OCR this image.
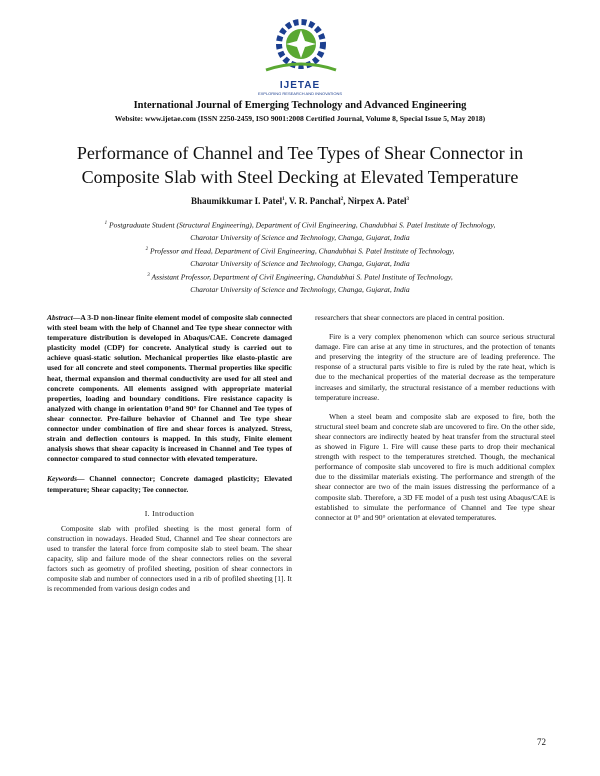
IJETAE
EXPLORING RESEARCH AND INNOVATIONS
International Journal of Emerging Technology and Advanced Engineering
Website: www.ijetae.com (ISSN 2250-2459, ISO 9001:2008 Certified Journal, Volume 8, Special Issue 5, May 2018)
Performance of Channel and Tee Types of Shear Connector in
Composite Slab with Steel Decking at Elevated Temperature
Bhaumikkumar I. Patel$^1$, V. R. Panchal$^2$, Nirpex A. Patel$^3$
$^1$ Postgraduate Student (Structural Engineering), Department of Civil Engineering, Chandubhai S. Patel Institute of Technology,
Charotar University of Science and Technology, Changa, Gujarat, India
$^2$ Professor and Head, Department of Civil Engineering, Chandubhai S. Patel Institute of Technology,
Charotar University of Science and Technology, Changa, Gujarat, India
$^3$ Assistant Professor, Department of Civil Engineering, Chandubhai S. Patel Institute of Technology,
Charotar University of Science and Technology, Changa, Gujarat, India

Abstract—A 3-D non-linear finite element model of composite slab connected with steel beam with the help of Channel and Tee type shear connector with temperature distribution is developed in Abaqus/CAE. Concrete damaged plasticity model (CDP) for concrete. Analytical study is carried out to achieve quasi-static solution. Mechanical properties like elasto-plastic are used for all concrete and steel components. Thermal properties like specific heat, thermal expansion and thermal conductivity are used for all steel and concrete components. All elements assigned with appropriate material properties, loading and boundary conditions. Fire resistance capacity is analyzed with change in orientation 0°and 90° for Channel and Tee types of shear connector. Pre-failure behavior of Channel and Tee type shear connector under combination of fire and shear forces is analyzed. Stress, strain and deflection contours is mapped. In this study, Finite element analysis shows that shear capacity is increased in Channel and Tee types of connector compared to stud connector with elevated temperature.

Keywords— Channel connector; Concrete damaged plasticity; Elevated temperature; Shear capacity; Tee connector.

I. Introduction

Composite slab with profiled sheeting is the most general form of construction in nowadays. Headed Stud, Channel and Tee shear connectors are used to transfer the lateral force from composite slab to steel beam. The shear capacity, slip and failure mode of the shear connectors relies on the several factors such as geometry of profiled sheeting, position of shear connectors in composite slab and number of connectors used in a rib of profiled sheeting [1]. It is recommended from various design codes and

researchers that shear connectors are placed in central position.

Fire is a very complex phenomenon which can source serious structural damage. Fire can arise at any time in structures, and the protection of tenants and preserving the integrity of the structure are of leading preference. The response of a structural parts visible to fire is ruled by the rate heat, which is due to the mechanical properties of the material decrease as the temperature increases and similarly, the structural resistance of a member reductions with temperature increase.

When a steel beam and composite slab are exposed to fire, both the structural steel beam and concrete slab are uncovered to fire. On the other side, shear connectors are indirectly heated by heat transfer from the structural steel as showed in Figure 1. Fire will cause these parts to drop their mechanical strength with respect to the temperatures stretched. Though, the mechanical performance of composite slab uncovered to fire is much additional complex due to the dissimilar materials existing. The performance and strength of the shear connector are two of the main issues distressing the performance of a composite slab. Therefore, a 3D FE model of a push test using Abaqus/CAE is established to simulate the performance of Channel and Tee type shear connector at 0° and 90° orientation at elevated temperatures.

72
